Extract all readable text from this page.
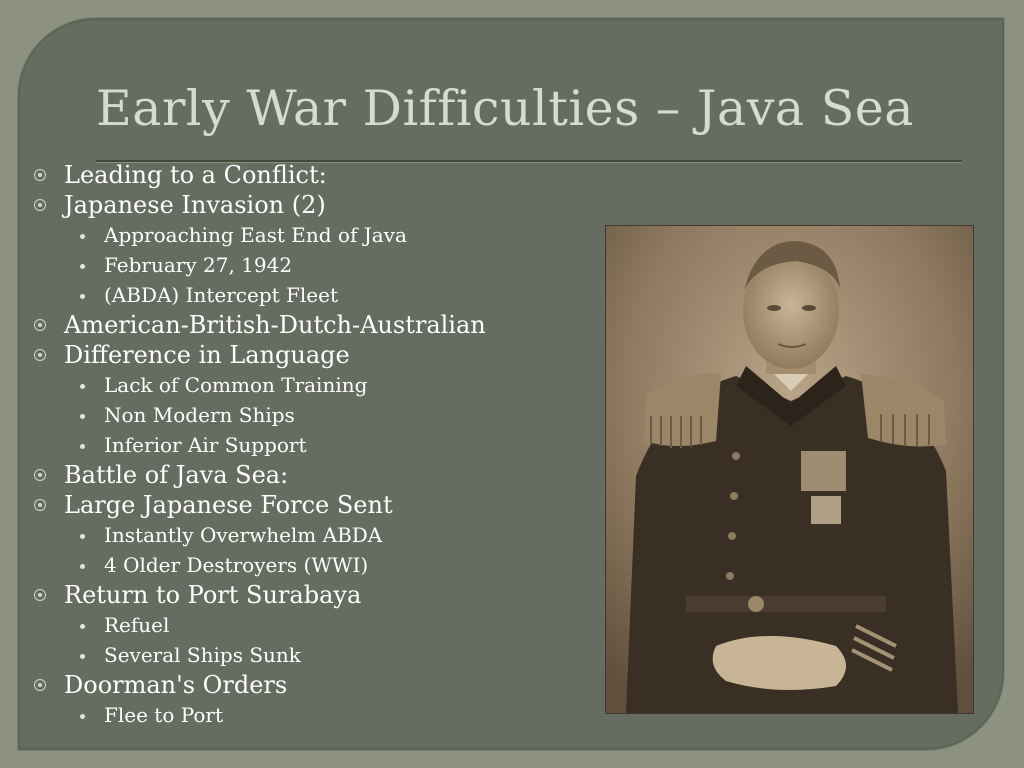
Early War Difficulties – Java Sea
Leading to a Conflict:
Japanese Invasion (2)
Approaching East End of Java
February 27, 1942
(ABDA) Intercept Fleet
American-British-Dutch-Australian
Difference in Language
Lack of Common Training
Non Modern Ships
Inferior Air Support
Battle of Java Sea:
Large Japanese Force Sent
Instantly Overwhelm ABDA
4 Older Destroyers (WWI)
Return to Port Surabaya
Refuel
Several Ships Sunk
Doorman's Orders
Flee to Port
